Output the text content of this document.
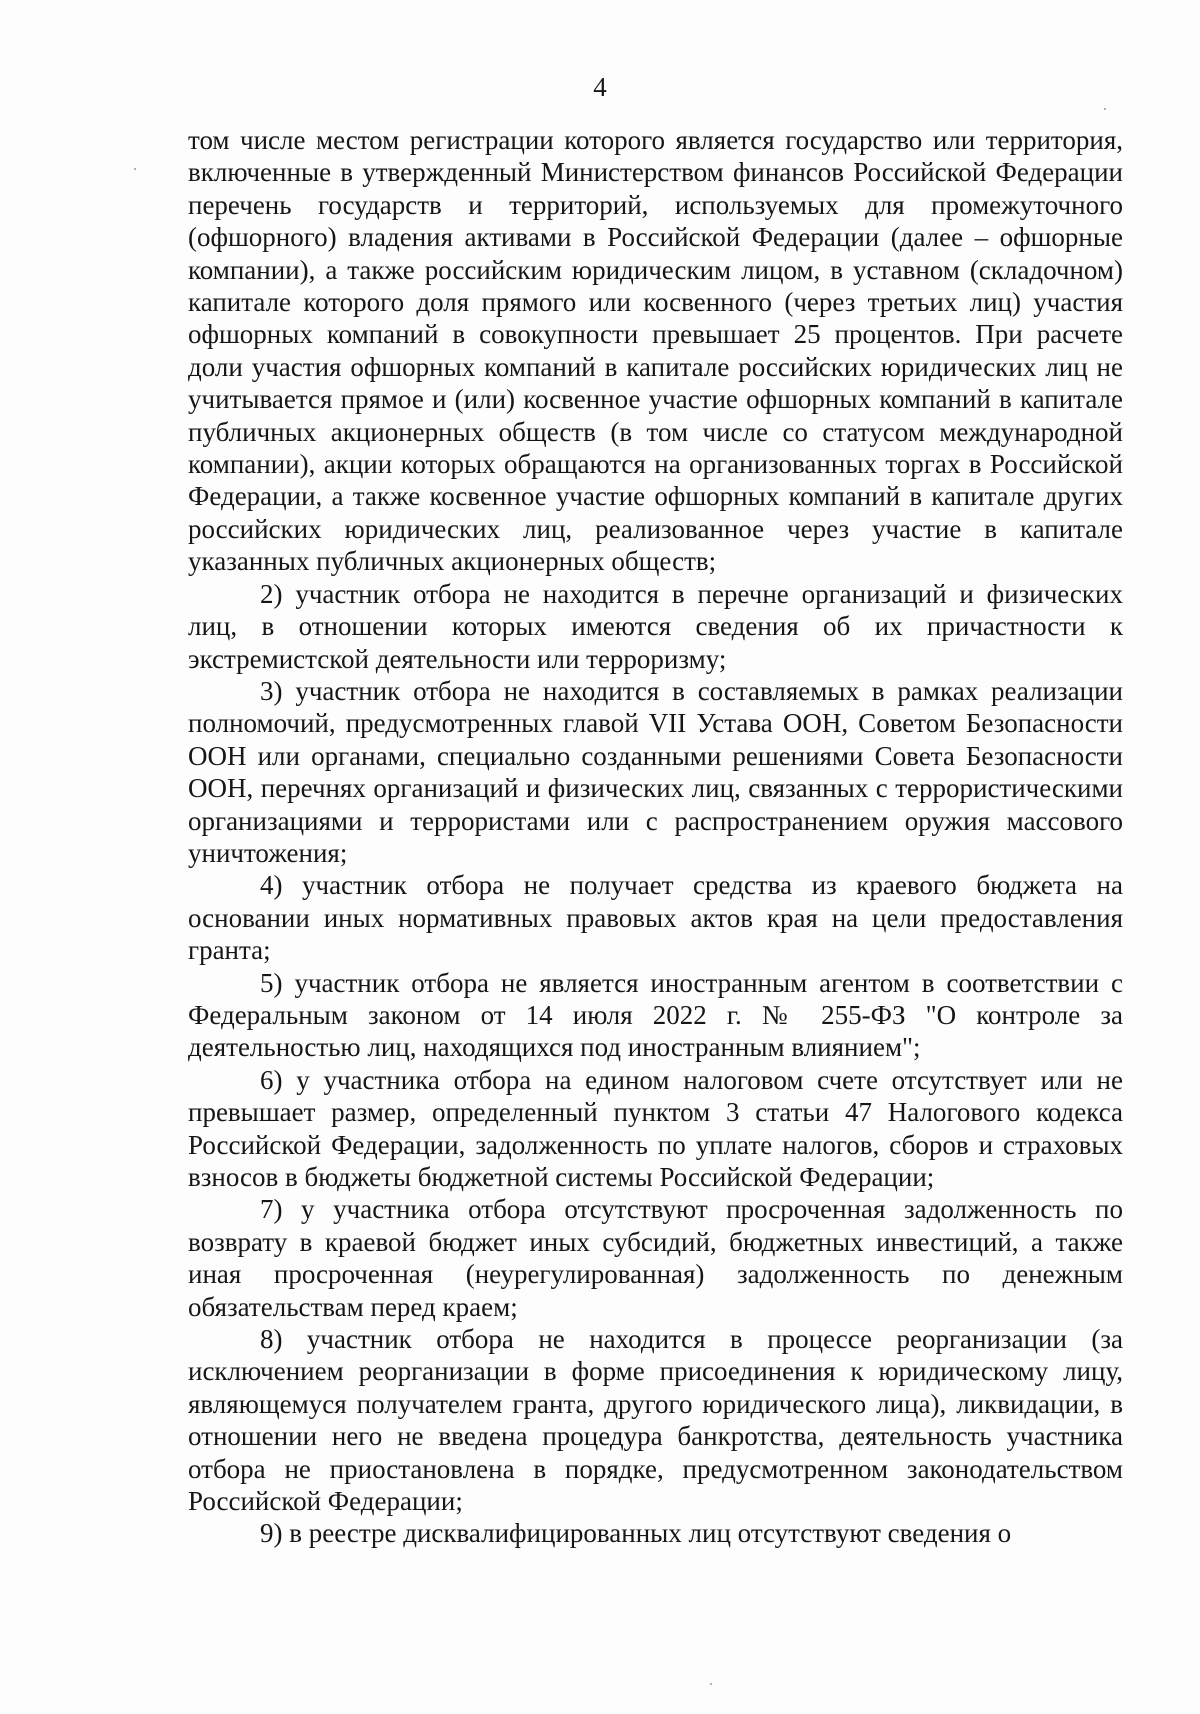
4

том числе местом регистрации которого является государство или территория, включенные в утвержденный Министерством финансов Российской Федерации перечень государств и территорий, используемых для промежуточного (офшорного) владения активами в Российской Федерации (далее – офшорные компании), а также российским юридическим лицом, в уставном (складочном) капитале которого доля прямого или косвенного (через третьих лиц) участия офшорных компаний в совокупности превышает 25 процентов. При расчете доли участия офшорных компаний в капитале российских юридических лиц не учитывается прямое и (или) косвенное участие офшорных компаний в капитале публичных акционерных обществ (в том числе со статусом международной компании), акции которых обращаются на организованных торгах в Российской Федерации, а также косвенное участие офшорных компаний в капитале других российских юридических лиц, реализованное через участие в капитале указанных публичных акционерных обществ;

2) участник отбора не находится в перечне организаций и физических лиц, в отношении которых имеются сведения об их причастности к экстремистской деятельности или терроризму;

3) участник отбора не находится в составляемых в рамках реализации полномочий, предусмотренных главой VII Устава ООН, Советом Безопасности ООН или органами, специально созданными решениями Совета Безопасности ООН, перечнях организаций и физических лиц, связанных с террористическими организациями и террористами или с распространением оружия массового уничтожения;

4) участник отбора не получает средства из краевого бюджета на основании иных нормативных правовых актов края на цели предоставления гранта;

5) участник отбора не является иностранным агентом в соответствии с Федеральным законом от 14 июля 2022 г. № 255-ФЗ "О контроле за деятельностью лиц, находящихся под иностранным влиянием";

6) у участника отбора на едином налоговом счете отсутствует или не превышает размер, определенный пунктом 3 статьи 47 Налогового кодекса Российской Федерации, задолженность по уплате налогов, сборов и страховых взносов в бюджеты бюджетной системы Российской Федерации;

7) у участника отбора отсутствуют просроченная задолженность по возврату в краевой бюджет иных субсидий, бюджетных инвестиций, а также иная просроченная (неурегулированная) задолженность по денежным обязательствам перед краем;

8) участник отбора не находится в процессе реорганизации (за исключением реорганизации в форме присоединения к юридическому лицу, являющемуся получателем гранта, другого юридического лица), ликвидации, в отношении него не введена процедура банкротства, деятельность участника отбора не приостановлена в порядке, предусмотренном законодательством Российской Федерации;

9) в реестре дисквалифицированных лиц отсутствуют сведения о
